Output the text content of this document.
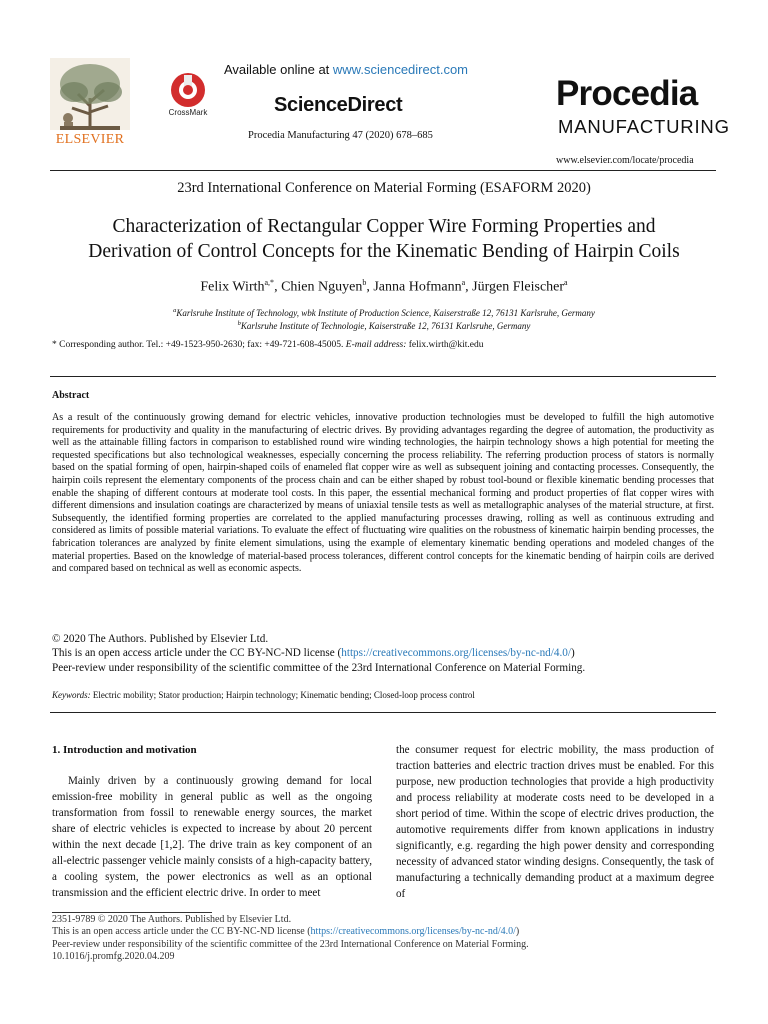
ELSEVIER
CrossMark
Available online at www.sciencedirect.com
ScienceDirect
Procedia Manufacturing 47 (2020) 678–685
Procedia
MANUFACTURING
www.elsevier.com/locate/procedia
23rd International Conference on Material Forming (ESAFORM 2020)
Characterization of Rectangular Copper Wire Forming Properties and
Derivation of Control Concepts for the Kinematic Bending of Hairpin Coils
Felix Wirth$^{a,*}$, Chien Nguyen$^b$, Janna Hofmann$^a$, Jürgen Fleischer$^a$
$^a$Karlsruhe Institute of Technology, wbk Institute of Production Science, Kaiserstraße 12, 76131 Karlsruhe, Germany
$^b$Karlsruhe Institute of Technologie, Kaiserstraße 12, 76131 Karlsruhe, Germany
* Corresponding author. Tel.: +49-1523-950-2630; fax: +49-721-608-45005. E-mail address: felix.wirth@kit.edu
Abstract
As a result of the continuously growing demand for electric vehicles, innovative production technologies must be developed to fulfill the high automotive requirements for productivity and quality in the manufacturing of electric drives. By providing advantages regarding the degree of automation, the productivity as well as the attainable filling factors in comparison to established round wire winding technologies, the hairpin technology shows a high potential for meeting the requested specifications but also technological weaknesses, especially concerning the process reliability. The referring production process of stators is normally based on the spatial forming of open, hairpin-shaped coils of enameled flat copper wire as well as subsequent joining and contacting processes. Consequently, the hairpin coils represent the elementary components of the process chain and can be either shaped by robust tool-bound or flexible kinematic bending processes that enable the shaping of different contours at moderate tool costs. In this paper, the essential mechanical forming and product properties of flat copper wires with different dimensions and insulation coatings are characterized by means of uniaxial tensile tests as well as metallographic analyses of the material structure, at first. Subsequently, the identified forming properties are correlated to the applied manufacturing processes drawing, rolling as well as continuous extruding and considered as limits of possible material variations. To evaluate the effect of fluctuating wire qualities on the robustness of kinematic hairpin bending processes, the fabrication tolerances are analyzed by finite element simulations, using the example of elementary kinematic bending operations and modeled changes of the material properties. Based on the knowledge of material-based process tolerances, different control concepts for the kinematic bending of hairpin coils are derived and compared based on technical as well as economic aspects.
© 2020 The Authors. Published by Elsevier Ltd.
This is an open access article under the CC BY-NC-ND license (https://creativecommons.org/licenses/by-nc-nd/4.0/)
Peer-review under responsibility of the scientific committee of the 23rd International Conference on Material Forming.
Keywords: Electric mobility; Stator production; Hairpin technology; Kinematic bending; Closed-loop process control
1. Introduction and motivation
Mainly driven by a continuously growing demand for local emission-free mobility in general public as well as the ongoing transformation from fossil to renewable energy sources, the market share of electric vehicles is expected to increase by about 20 percent within the next decade [1,2]. The drive train as key component of an all-electric passenger vehicle mainly consists of a high-capacity battery, a cooling system, the power electronics as well as an optional transmission and the efficient electric drive. In order to meet
the consumer request for electric mobility, the mass production of traction batteries and electric traction drives must be enabled. For this purpose, new production technologies that provide a high productivity and process reliability at moderate costs need to be developed in a short period of time. Within the scope of electric drives production, the automotive requirements differ from known applications in industry significantly, e.g. regarding the high power density and corresponding necessity of advanced stator winding designs. Consequently, the task of manufacturing a technically demanding product at a maximum degree of
2351-9789 © 2020 The Authors. Published by Elsevier Ltd.
This is an open access article under the CC BY-NC-ND license (https://creativecommons.org/licenses/by-nc-nd/4.0/)
Peer-review under responsibility of the scientific committee of the 23rd International Conference on Material Forming.
10.1016/j.promfg.2020.04.209
